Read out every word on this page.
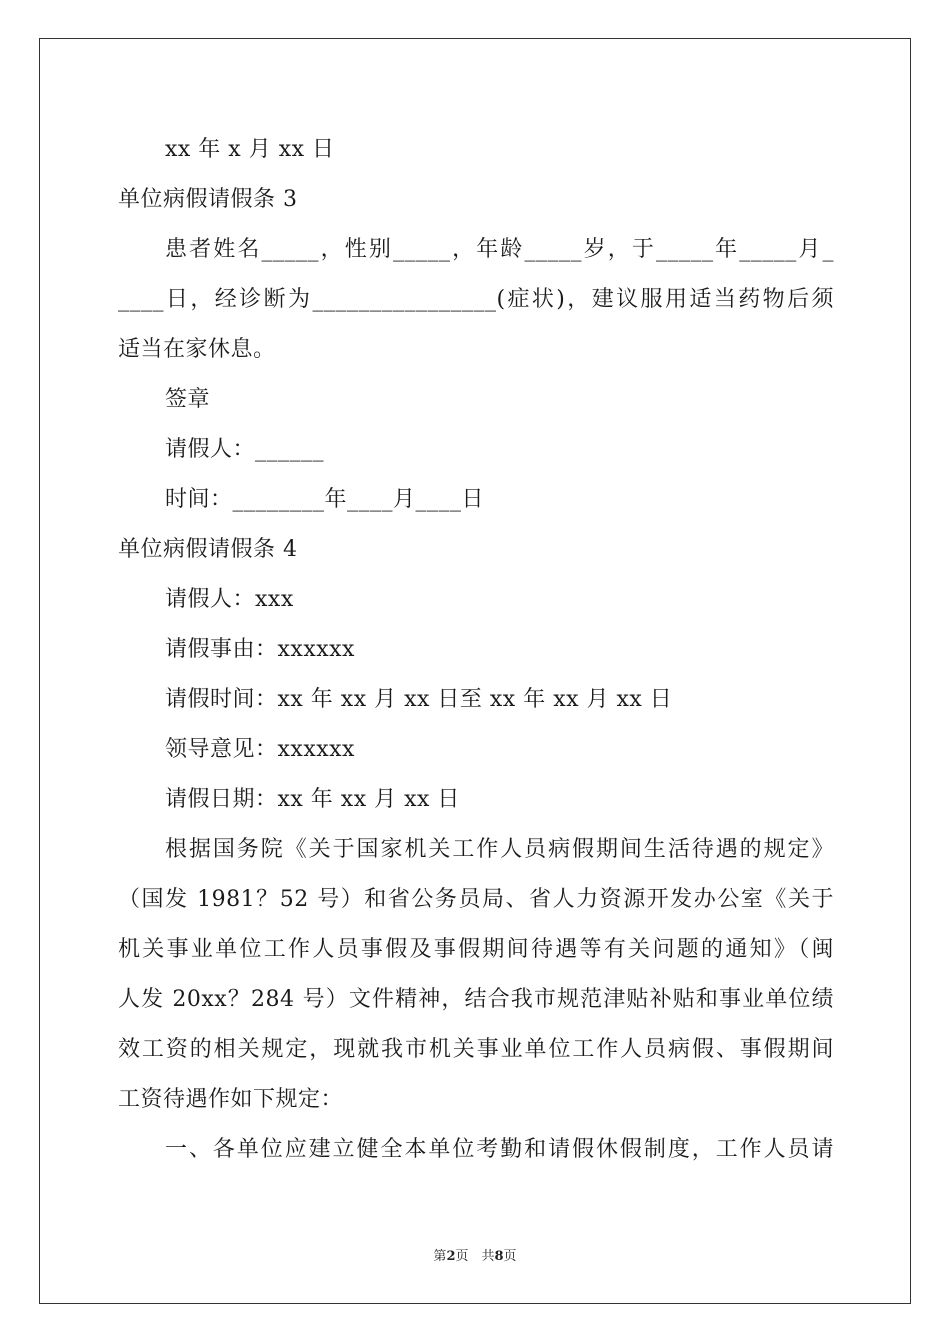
xx 年 x 月 xx 日
单位病假请假条 3
患者姓名_____，性别_____，年龄_____岁，于_____年_____月_
____日，经诊断为________________(症状)，建议服用适当药物后须
适当在家休息。
签章
请假人：______
时间：________年____月____日
单位病假请假条 4
请假人：xxx
请假事由：xxxxxx
请假时间：xx 年 xx 月 xx 日至 xx 年 xx 月 xx 日
领导意见：xxxxxx
请假日期：xx 年 xx 月 xx 日
根据国务院《关于国家机关工作人员病假期间生活待遇的规定》
（国发 1981？52 号）和省公务员局、省人力资源开发办公室《关于
机关事业单位工作人员事假及事假期间待遇等有关问题的通知》（闽
人发 20xx？284 号）文件精神，结合我市规范津贴补贴和事业单位绩
效工资的相关规定，现就我市机关事业单位工作人员病假、事假期间
工资待遇作如下规定：
一、各单位应建立健全本单位考勤和请假休假制度，工作人员请
第2页　共8页
